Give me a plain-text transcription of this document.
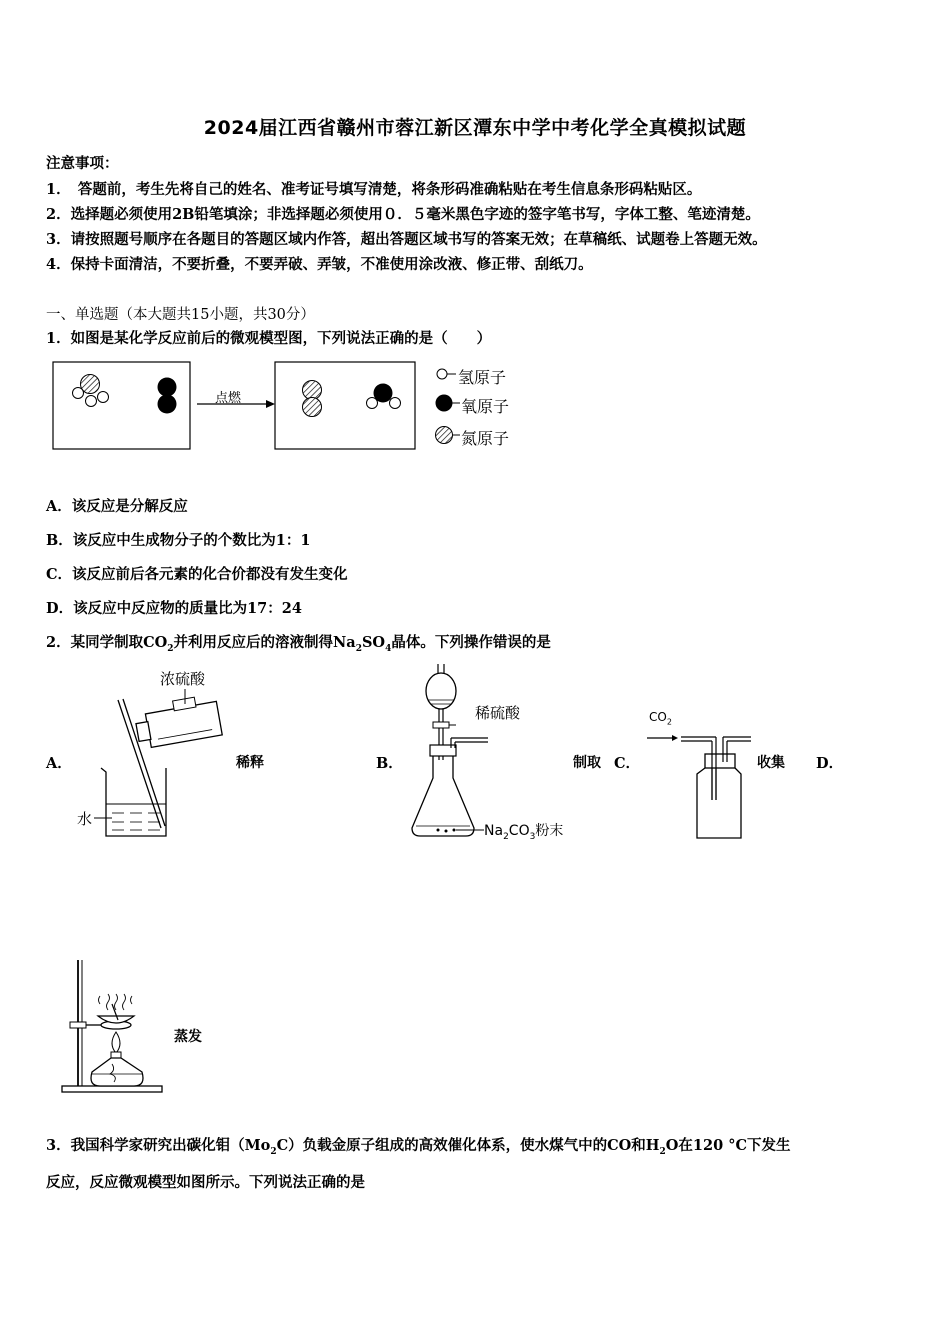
2024届江西省赣州市蓉江新区潭东中学中考化学全真模拟试题
注意事项：
1．　答题前，考生先将自己的姓名、准考证号填写清楚，将条形码准确粘贴在考生信息条形码粘贴区。
2．选择题必须使用2B铅笔填涂；非选择题必须使用０．５毫米黑色字迹的签字笔书写，字体工整、笔迹清楚。
3．请按照题号顺序在各题目的答题区域内作答，超出答题区域书写的答案无效；在草稿纸、试题卷上答题无效。
4．保持卡面清洁，不要折叠，不要弄破、弄皱，不准使用涂改液、修正带、刮纸刀。
一、单选题（本大题共15小题，共30分）
1．如图是某化学反应前后的微观模型图，下列说法正确的是（　　）
点燃
氢原子
氧原子
氮原子
A．该反应是分解反应
B．该反应中生成物分子的个数比为1：1
C．该反应前后各元素的化合价都没有发生变化
D．该反应中反应物的质量比为17：24
2．某同学制取$CO_2$并利用反应后的溶液制得$Na_2SO_4$晶体。下列操作错误的是
A．
浓硫酸
水
稀释	B．
稀硫酸
$Na_2CO_3$粉末
制取 C．
$CO_2$
收集 D．
蒸发
3．我国科学家研究出碳化钼$(Mo_2C)$负载金原子组成的高效催化体系，使水煤气中的CO和$H_2O$在120 °C下发生
反应，反应微观模型如图所示。下列说法正确的是
